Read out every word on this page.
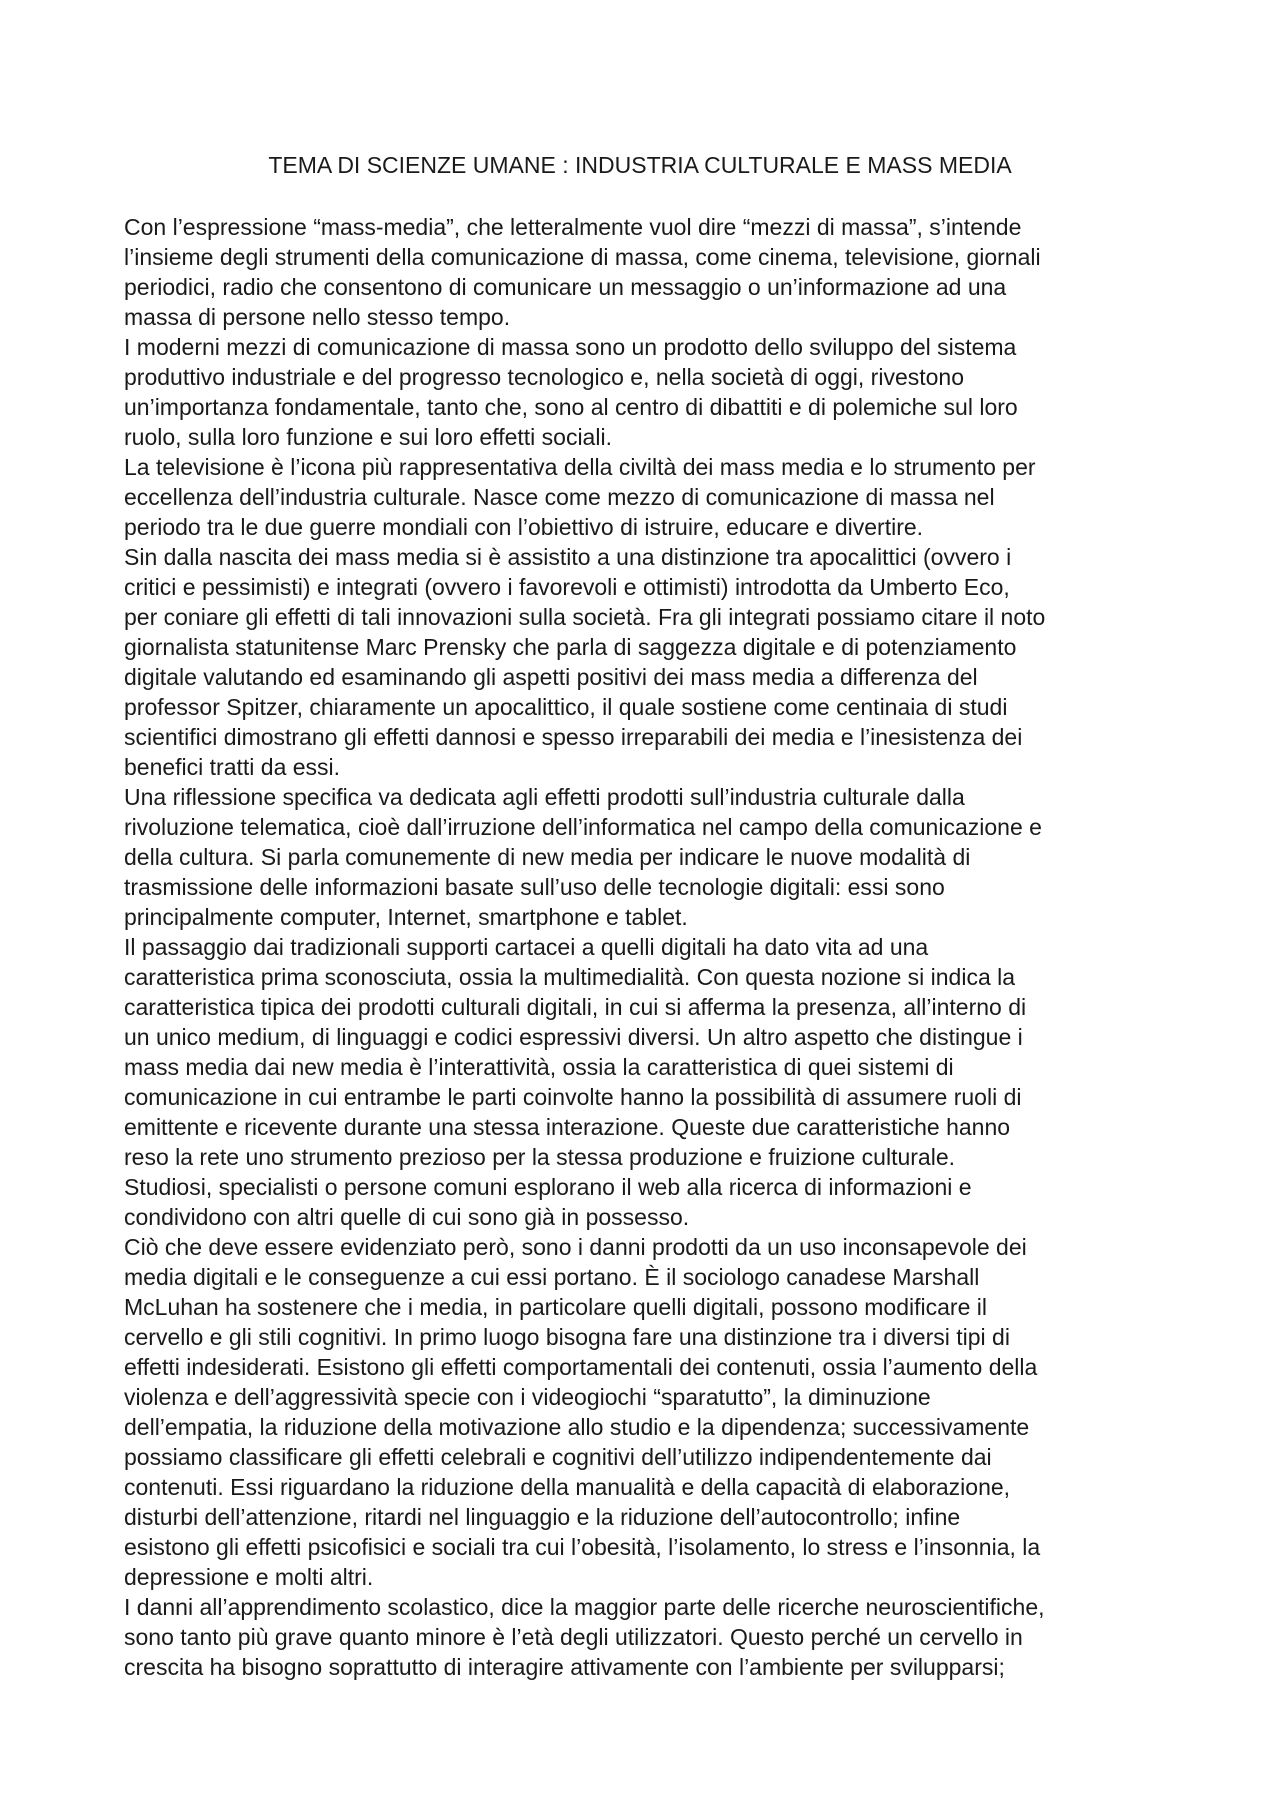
TEMA DI SCIENZE UMANE : INDUSTRIA CULTURALE E MASS MEDIA
Con l’espressione “mass-media”, che letteralmente vuol dire “mezzi di massa”, s’intende
l’insieme degli strumenti della comunicazione di massa, come cinema, televisione, giornali
periodici, radio che consentono di comunicare un messaggio o un’informazione ad una
massa di persone nello stesso tempo.
I moderni mezzi di comunicazione di massa sono un prodotto dello sviluppo del sistema
produttivo industriale e del progresso tecnologico e, nella società di oggi, rivestono
un’importanza fondamentale, tanto che, sono al centro di dibattiti e di polemiche sul loro
ruolo, sulla loro funzione e sui loro effetti sociali.
La televisione è l’icona più rappresentativa della civiltà dei mass media e lo strumento per
eccellenza dell’industria culturale. Nasce come mezzo di comunicazione di massa nel
periodo tra le due guerre mondiali con l’obiettivo di istruire, educare e divertire.
Sin dalla nascita dei mass media si è assistito a una distinzione tra apocalittici (ovvero i
critici e pessimisti) e integrati (ovvero i favorevoli e ottimisti) introdotta da Umberto Eco,
per coniare gli effetti di tali innovazioni sulla società. Fra gli integrati possiamo citare il noto
giornalista statunitense Marc Prensky che parla di saggezza digitale e di potenziamento
digitale valutando ed esaminando gli aspetti positivi dei mass media a differenza del
professor Spitzer, chiaramente un apocalittico, il quale sostiene come centinaia di studi
scientifici dimostrano gli effetti dannosi e spesso irreparabili dei media e l’inesistenza dei
benefici tratti da essi.
Una riflessione specifica va dedicata agli effetti prodotti sull’industria culturale dalla
rivoluzione telematica, cioè dall’irruzione dell’informatica nel campo della comunicazione e
della cultura. Si parla comunemente di new media per indicare le nuove modalità di
trasmissione delle informazioni basate sull’uso delle tecnologie digitali: essi sono
principalmente computer, Internet, smartphone e tablet.
Il passaggio dai tradizionali supporti cartacei a quelli digitali ha dato vita ad una
caratteristica prima sconosciuta, ossia la multimedialità. Con questa nozione si indica la
caratteristica tipica dei prodotti culturali digitali, in cui si afferma la presenza, all’interno di
un unico medium, di linguaggi e codici espressivi diversi. Un altro aspetto che distingue i
mass media dai new media è l’interattività, ossia la caratteristica di quei sistemi di
comunicazione in cui entrambe le parti coinvolte hanno la possibilità di assumere ruoli di
emittente e ricevente durante una stessa interazione. Queste due caratteristiche hanno
reso la rete uno strumento prezioso per la stessa produzione e fruizione culturale.
Studiosi, specialisti o persone comuni esplorano il web alla ricerca di informazioni e
condividono con altri quelle di cui sono già in possesso.
Ciò che deve essere evidenziato però, sono i danni prodotti da un uso inconsapevole dei
media digitali e le conseguenze a cui essi portano. È il sociologo canadese Marshall
McLuhan ha sostenere che i media, in particolare quelli digitali, possono modificare il
cervello e gli stili cognitivi. In primo luogo bisogna fare una distinzione tra i diversi tipi di
effetti indesiderati. Esistono gli effetti comportamentali dei contenuti, ossia l’aumento della
violenza e dell’aggressività specie con i videogiochi “sparatutto”, la diminuzione
dell’empatia, la riduzione della motivazione allo studio e la dipendenza; successivamente
possiamo classificare gli effetti celebrali e cognitivi dell’utilizzo indipendentemente dai
contenuti. Essi riguardano la riduzione della manualità e della capacità di elaborazione,
disturbi dell’attenzione, ritardi nel linguaggio e la riduzione dell’autocontrollo; infine
esistono gli effetti psicofisici e sociali tra cui l’obesità, l’isolamento, lo stress e l’insonnia, la
depressione e molti altri.
I danni all’apprendimento scolastico, dice la maggior parte delle ricerche neuroscientifiche,
sono tanto più grave quanto minore è l’età degli utilizzatori. Questo perché un cervello in
crescita ha bisogno soprattutto di interagire attivamente con l’ambiente per svilupparsi;
